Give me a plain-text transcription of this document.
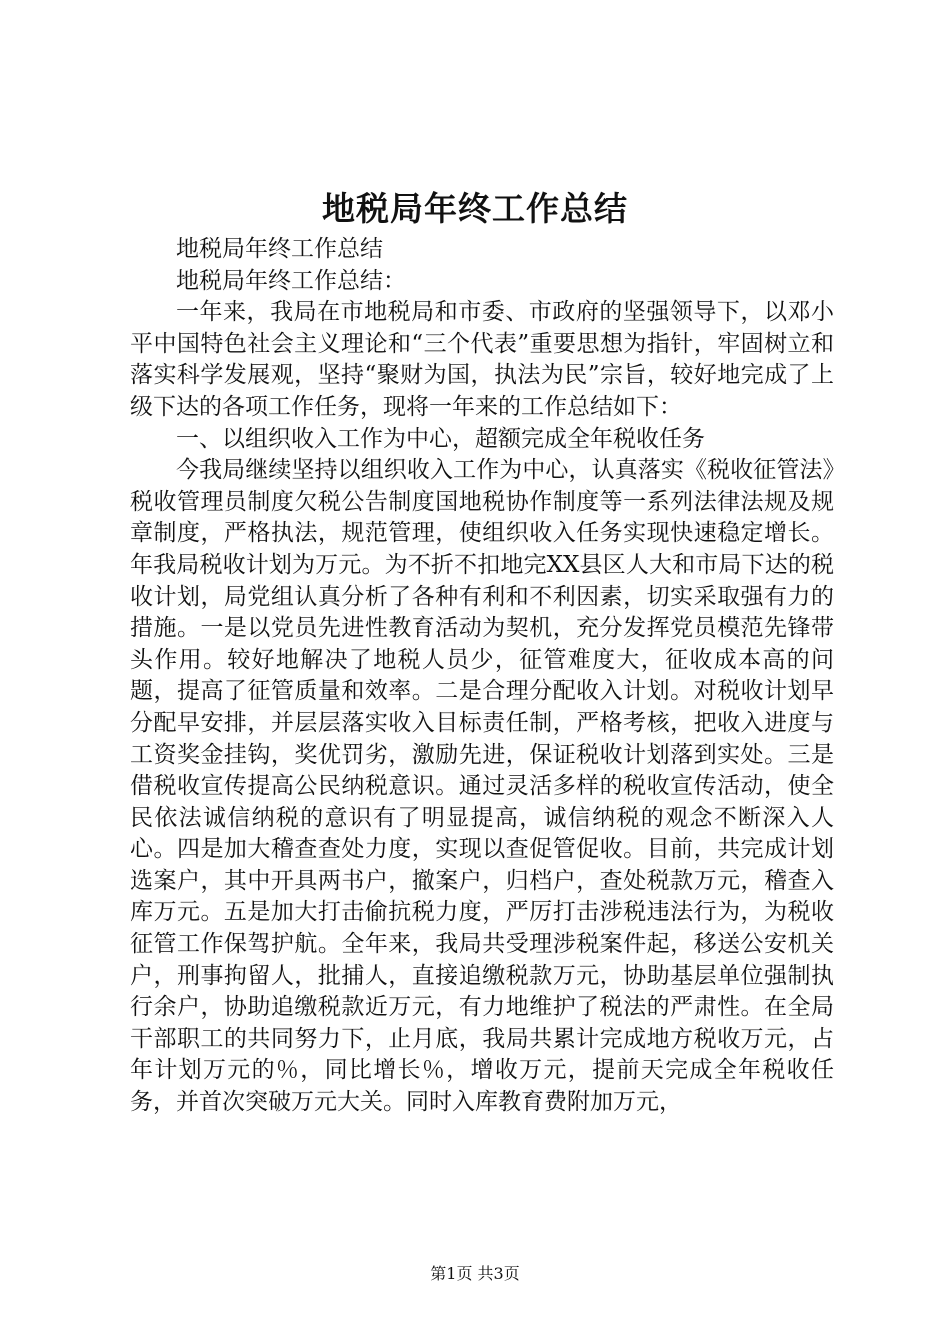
地税局年终工作总结

地税局年终工作总结

地税局年终工作总结：

一年来，我局在市地税局和市委、市政府的坚强领导下，以邓小平中国特色社会主义理论和“三个代表”重要思想为指针，牢固树立和落实科学发展观，坚持“聚财为国，执法为民”宗旨，较好地完成了上级下达的各项工作任务，现将一年来的工作总结如下：

一、以组织收入工作为中心，超额完成全年税收任务

今我局继续坚持以组织收入工作为中心，认真落实《税收征管法》税收管理员制度欠税公告制度国地税协作制度等一系列法律法规及规章制度，严格执法，规范管理，使组织收入任务实现快速稳定增长。年我局税收计划为万元。为不折不扣地完XX县区人大和市局下达的税收计划，局党组认真分析了各种有利和不利因素，切实采取强有力的措施。一是以党员先进性教育活动为契机，充分发挥党员模范先锋带头作用。较好地解决了地税人员少，征管难度大，征收成本高的问题，提高了征管质量和效率。二是合理分配收入计划。对税收计划早分配早安排，并层层落实收入目标责任制，严格考核，把收入进度与工资奖金挂钩，奖优罚劣，激励先进，保证税收计划落到实处。三是借税收宣传提高公民纳税意识。通过灵活多样的税收宣传活动，使全民依法诚信纳税的意识有了明显提高，诚信纳税的观念不断深入人心。四是加大稽查查处力度，实现以查促管促收。目前，共完成计划选案户，其中开具两书户，撤案户，归档户，查处税款万元，稽查入库万元。五是加大打击偷抗税力度，严厉打击涉税违法行为，为税收征管工作保驾护航。全年来，我局共受理涉税案件起，移送公安机关户，刑事拘留人，批捕人，直接追缴税款万元，协助基层单位强制执行余户，协助追缴税款近万元，有力地维护了税法的严肃性。在全局干部职工的共同努力下，止月底，我局共累计完成地方税收万元，占年计划万元的％，同比增长％，增收万元，提前天完成全年税收任务，并首次突破万元大关。同时入库教育费附加万元，

第1页 共3页
